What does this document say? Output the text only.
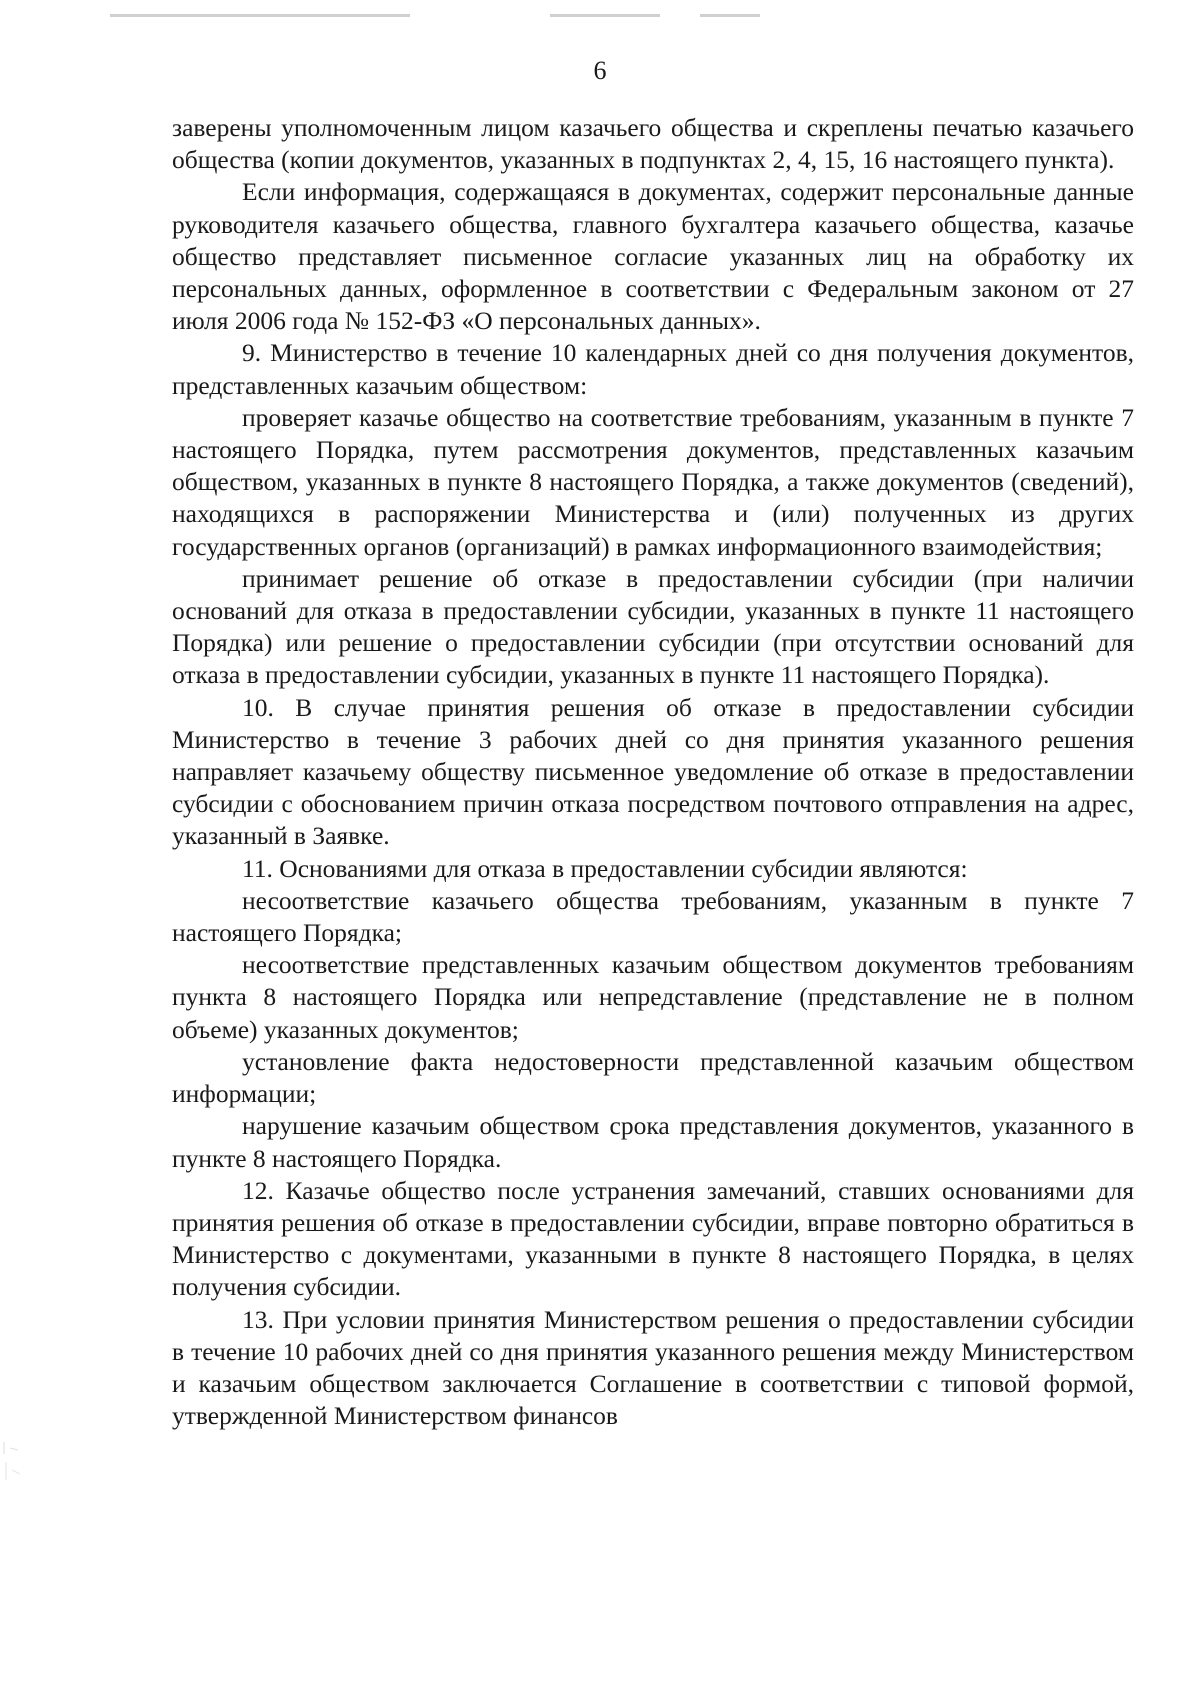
6

заверены уполномоченным лицом казачьего общества и скреплены печатью казачьего общества (копии документов, указанных в подпунктах 2, 4, 15, 16 настоящего пункта).

Если информация, содержащаяся в документах, содержит персональные данные руководителя казачьего общества, главного бухгалтера казачьего общества, казачье общество представляет письменное согласие указанных лиц на обработку их персональных данных, оформленное в соответствии с Федеральным законом от 27 июля 2006 года № 152-ФЗ «О персональных данных».

9. Министерство в течение 10 календарных дней со дня получения документов, представленных казачьим обществом:

проверяет казачье общество на соответствие требованиям, указанным в пункте 7 настоящего Порядка, путем рассмотрения документов, представленных казачьим обществом, указанных в пункте 8 настоящего Порядка, а также документов (сведений), находящихся в распоряжении Министерства и (или) полученных из других государственных органов (организаций) в рамках информационного взаимодействия;

принимает решение об отказе в предоставлении субсидии (при наличии оснований для отказа в предоставлении субсидии, указанных в пункте 11 настоящего Порядка) или решение о предоставлении субсидии (при отсутствии оснований для отказа в предоставлении субсидии, указанных в пункте 11 настоящего Порядка).

10. В случае принятия решения об отказе в предоставлении субсидии Министерство в течение 3 рабочих дней со дня принятия указанного решения направляет казачьему обществу письменное уведомление об отказе в предоставлении субсидии с обоснованием причин отказа посредством почтового отправления на адрес, указанный в Заявке.

11. Основаниями для отказа в предоставлении субсидии являются:

несоответствие казачьего общества требованиям, указанным в пункте 7 настоящего Порядка;

несоответствие представленных казачьим обществом документов требованиям пункта 8 настоящего Порядка или непредставление (представление не в полном объеме) указанных документов;

установление факта недостоверности представленной казачьим обществом информации;

нарушение казачьим обществом срока представления документов, указанного в пункте 8 настоящего Порядка.

12. Казачье общество после устранения замечаний, ставших основаниями для принятия решения об отказе в предоставлении субсидии, вправе повторно обратиться в Министерство с документами, указанными в пункте 8 настоящего Порядка, в целях получения субсидии.

13. При условии принятия Министерством решения о предоставлении субсидии в течение 10 рабочих дней со дня принятия указанного решения между Министерством и казачьим обществом заключается Соглашение в соответствии с типовой формой, утвержденной Министерством финансов
